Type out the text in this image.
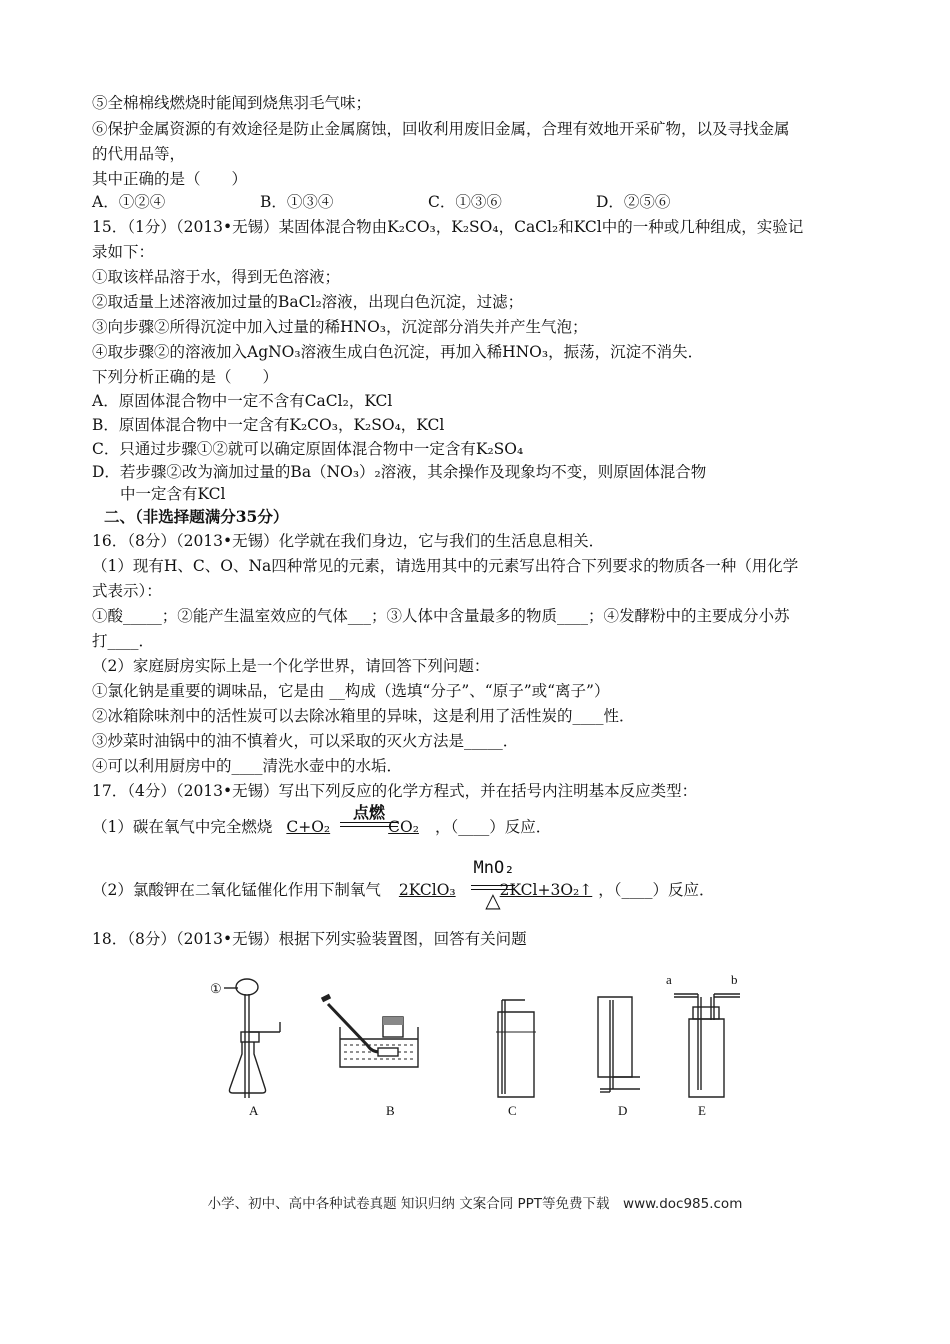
⑤全棉棉线燃烧时能闻到烧焦羽毛气味；
⑥保护金属资源的有效途径是防止金属腐蚀，回收利用废旧金属，合理有效地开采矿物，以及寻找金属
的代用品等，
其中正确的是（　　）
A．①②④	B．①③④	C．①③⑥	D．②⑤⑥
15．（1分）（2013•无锡）某固体混合物由K₂CO₃，K₂SO₄，CaCl₂和KCl中的一种或几种组成，实验记
录如下：
①取该样品溶于水，得到无色溶液；
②取适量上述溶液加过量的BaCl₂溶液，出现白色沉淀，过滤；
③向步骤②所得沉淀中加入过量的稀HNO₃，沉淀部分消失并产生气泡；
④取步骤②的溶液加入AgNO₃溶液生成白色沉淀，再加入稀HNO₃，振荡，沉淀不消失．
下列分析正确的是（　　）
A．原固体混合物中一定不含有CaCl₂，KCl
B．原固体混合物中一定含有K₂CO₃，K₂SO₄，KCl
C．只通过步骤①②就可以确定原固体混合物中一定含有K₂SO₄
D．若步骤②改为滴加过量的Ba（NO₃）₂溶液，其余操作及现象均不变，则原固体混合物
中一定含有KCl
二、（非选择题满分35分）
16．（8分）（2013•无锡）化学就在我们身边，它与我们的生活息息相关．
（1）现有H、C、O、Na四种常见的元素，请选用其中的元素写出符合下列要求的物质各一种（用化学
式表示）：
①酸_____；②能产生温室效应的气体___；③人体中含量最多的物质____；④发酵粉中的主要成分小苏
打____．
（2）家庭厨房实际上是一个化学世界，请回答下列问题：
①氯化钠是重要的调味品，它是由 __构成（选填“分子”、“原子”或“离子”）
②冰箱除味剂中的活性炭可以去除冰箱里的异味，这是利用了活性炭的____性．
③炒菜时油锅中的油不慎着火，可以采取的灭火方法是_____．
④可以利用厨房中的____清洗水壶中的水垢．
17．（4分）（2013•无锡）写出下列反应的化学方程式，并在括号内注明基本反应类型：
（1）碳在氧气中完全燃烧 C+O₂	CO₂ ，（____）反应．
点燃
（2）氯酸钾在二氧化锰催化作用下制氧气 2KClO₃	2KCl+3O₂↑ ，（____）反应．
MnO₂
△
18．（8分）（2013•无锡）根据下列实验装置图，回答有关问题
①
a	b
A	B	C	D	E
小学、初中、高中各种试卷真题 知识归纳 文案合同 PPT等免费下载　www.doc985.com
